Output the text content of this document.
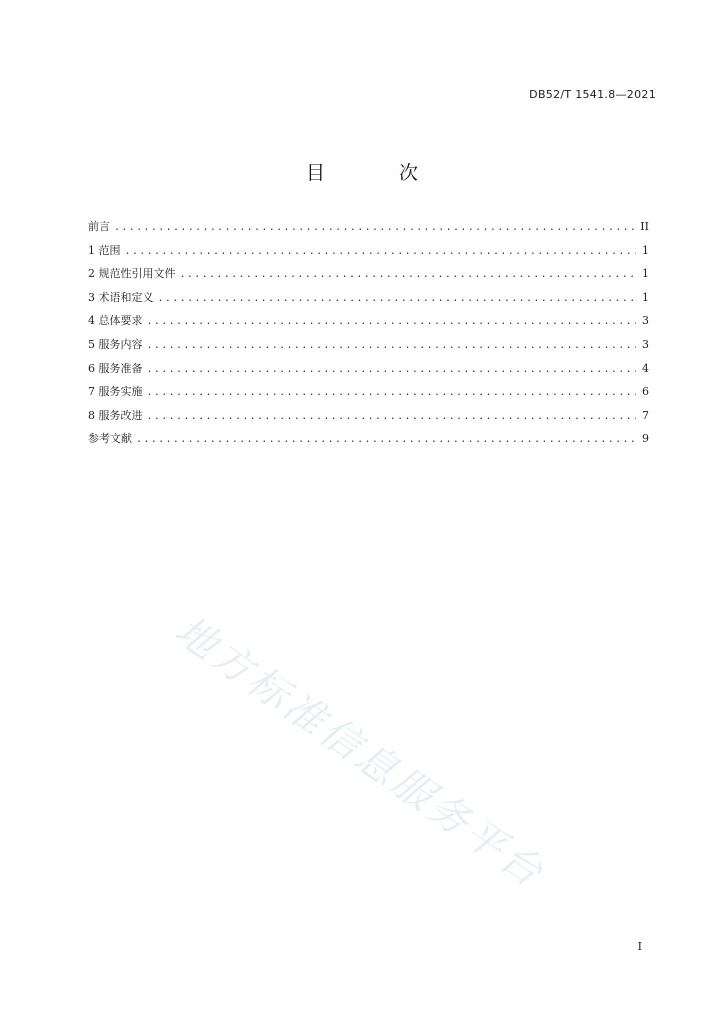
DB52/T 1541.8—2021
目 次
前言 .....	II
1 范围 .....	1
2 规范性引用文件 .....	1
3 术语和定义 .....	1
4 总体要求 .....	3
5 服务内容 .....	3
6 服务准备 .....	4
7 服务实施 .....	6
8 服务改进 .....	7
参考文献 .....	9
地方标准信息服务平台
I
